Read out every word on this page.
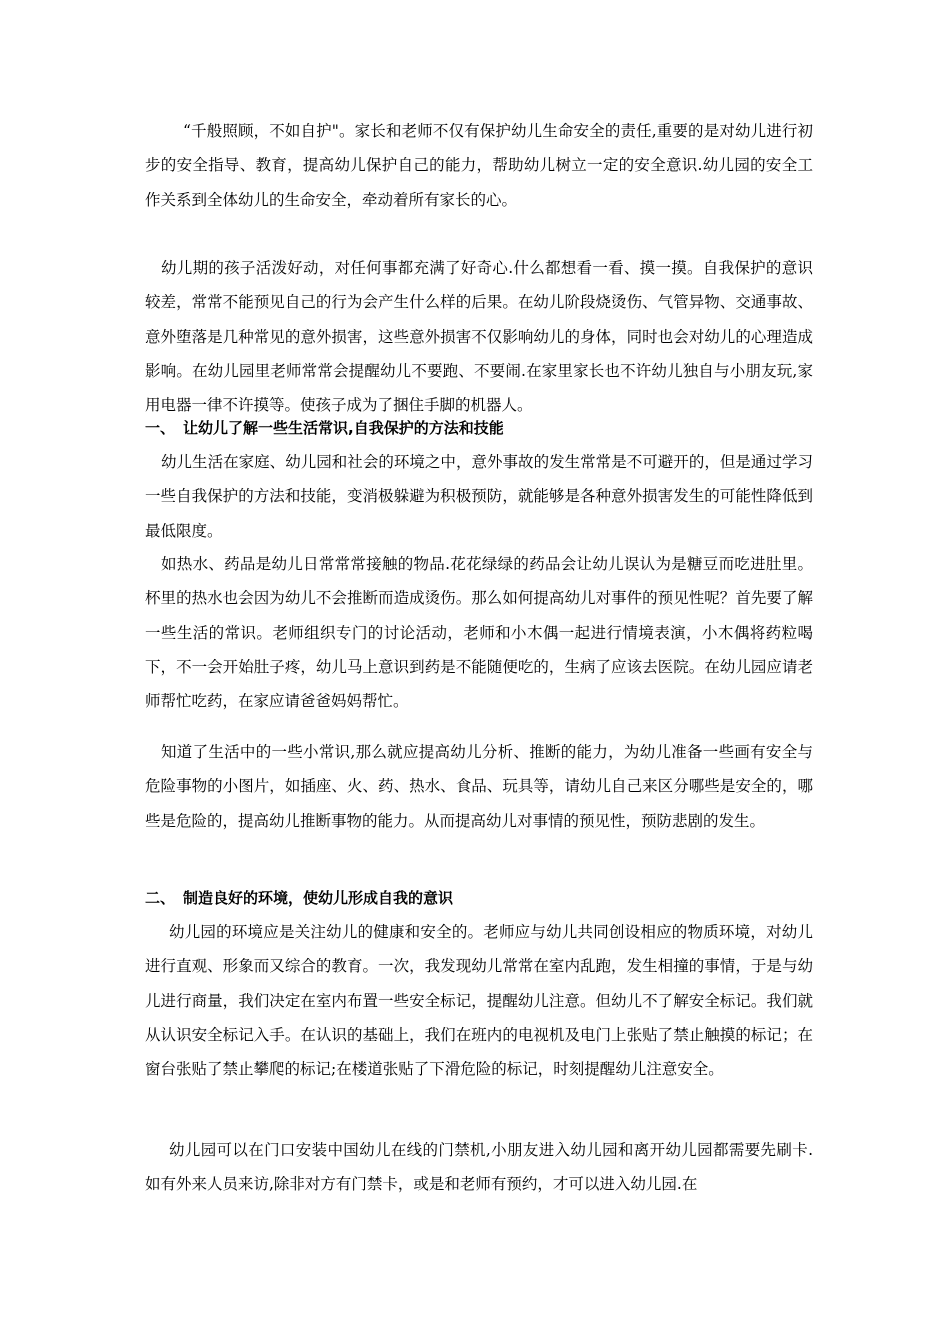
“千般照顾，不如自护"。家长和老师不仅有保护幼儿生命安全的责任,重要的是对幼儿进行初步的安全指导、教育，提高幼儿保护自己的能力，帮助幼儿树立一定的安全意识.幼儿园的安全工作关系到全体幼儿的生命安全，牵动着所有家长的心。

幼儿期的孩子活泼好动，对任何事都充满了好奇心.什么都想看一看、摸一摸。自我保护的意识较差，常常不能预见自己的行为会产生什么样的后果。在幼儿阶段烧烫伤、气管异物、交通事故、意外堕落是几种常见的意外损害，这些意外损害不仅影响幼儿的身体，同时也会对幼儿的心理造成影响。在幼儿园里老师常常会提醒幼儿不要跑、不要闹.在家里家长也不许幼儿独自与小朋友玩,家用电器一律不许摸等。使孩子成为了捆住手脚的机器人。

一、 让幼儿了解一些生活常识,自我保护的方法和技能

幼儿生活在家庭、幼儿园和社会的环境之中，意外事故的发生常常是不可避开的，但是通过学习一些自我保护的方法和技能，变消极躲避为积极预防，就能够是各种意外损害发生的可能性降低到最低限度。

如热水、药品是幼儿日常常常接触的物品.花花绿绿的药品会让幼儿误认为是糖豆而吃进肚里。杯里的热水也会因为幼儿不会推断而造成烫伤。那么如何提高幼儿对事件的预见性呢？首先要了解一些生活的常识。老师组织专门的讨论活动，老师和小木偶一起进行情境表演，小木偶将药粒喝下，不一会开始肚子疼，幼儿马上意识到药是不能随便吃的，生病了应该去医院。在幼儿园应请老师帮忙吃药，在家应请爸爸妈妈帮忙。

知道了生活中的一些小常识,那么就应提高幼儿分析、推断的能力，为幼儿准备一些画有安全与危险事物的小图片，如插座、火、药、热水、食品、玩具等，请幼儿自己来区分哪些是安全的，哪些是危险的，提高幼儿推断事物的能力。从而提高幼儿对事情的预见性，预防悲剧的发生。

二、 制造良好的环境，使幼儿形成自我的意识

幼儿园的环境应是关注幼儿的健康和安全的。老师应与幼儿共同创设相应的物质环境，对幼儿进行直观、形象而又综合的教育。一次，我发现幼儿常常在室内乱跑，发生相撞的事情，于是与幼儿进行商量，我们决定在室内布置一些安全标记，提醒幼儿注意。但幼儿不了解安全标记。我们就从认识安全标记入手。在认识的基础上，我们在班内的电视机及电门上张贴了禁止触摸的标记；在窗台张贴了禁止攀爬的标记;在楼道张贴了下滑危险的标记，时刻提醒幼儿注意安全。

幼儿园可以在门口安装中国幼儿在线的门禁机,小朋友进入幼儿园和离开幼儿园都需要先刷卡.如有外来人员来访,除非对方有门禁卡，或是和老师有预约，才可以进入幼儿园.在
